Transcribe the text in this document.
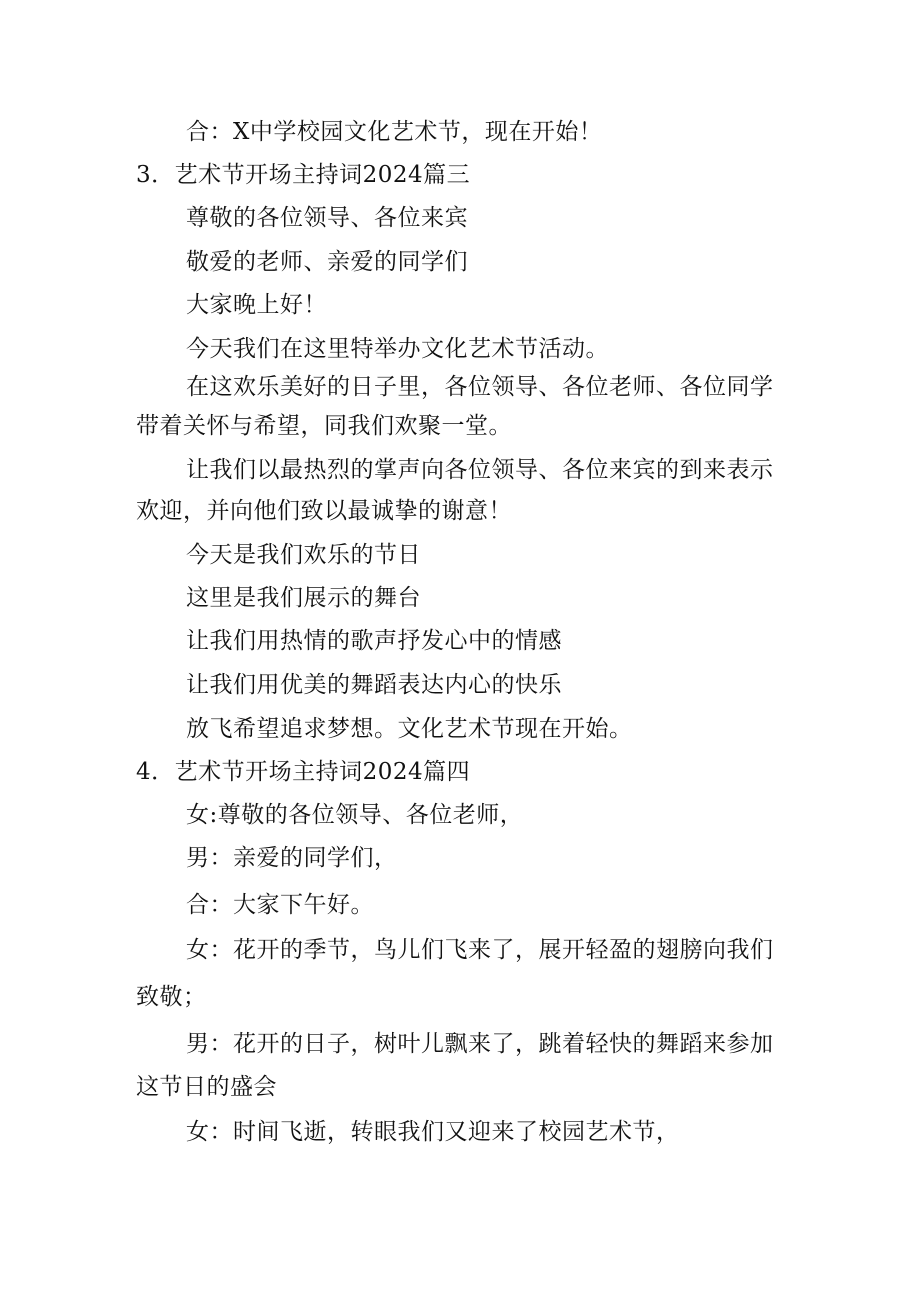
合：X中学校园文化艺术节，现在开始！
3．艺术节开场主持词2024篇三
尊敬的各位领导、各位来宾
敬爱的老师、亲爱的同学们
大家晚上好！
今天我们在这里特举办文化艺术节活动。
在这欢乐美好的日子里，各位领导、各位老师、各位同学
带着关怀与希望，同我们欢聚一堂。
让我们以最热烈的掌声向各位领导、各位来宾的到来表示
欢迎，并向他们致以最诚挚的谢意！
今天是我们欢乐的节日
这里是我们展示的舞台
让我们用热情的歌声抒发心中的情感
让我们用优美的舞蹈表达内心的快乐
放飞希望追求梦想。文化艺术节现在开始。
4．艺术节开场主持词2024篇四
女:尊敬的各位领导、各位老师，
男：亲爱的同学们，
合：大家下午好。
女：花开的季节，鸟儿们飞来了，展开轻盈的翅膀向我们
致敬；
男：花开的日子，树叶儿飘来了，跳着轻快的舞蹈来参加
这节日的盛会
女：时间飞逝，转眼我们又迎来了校园艺术节，
